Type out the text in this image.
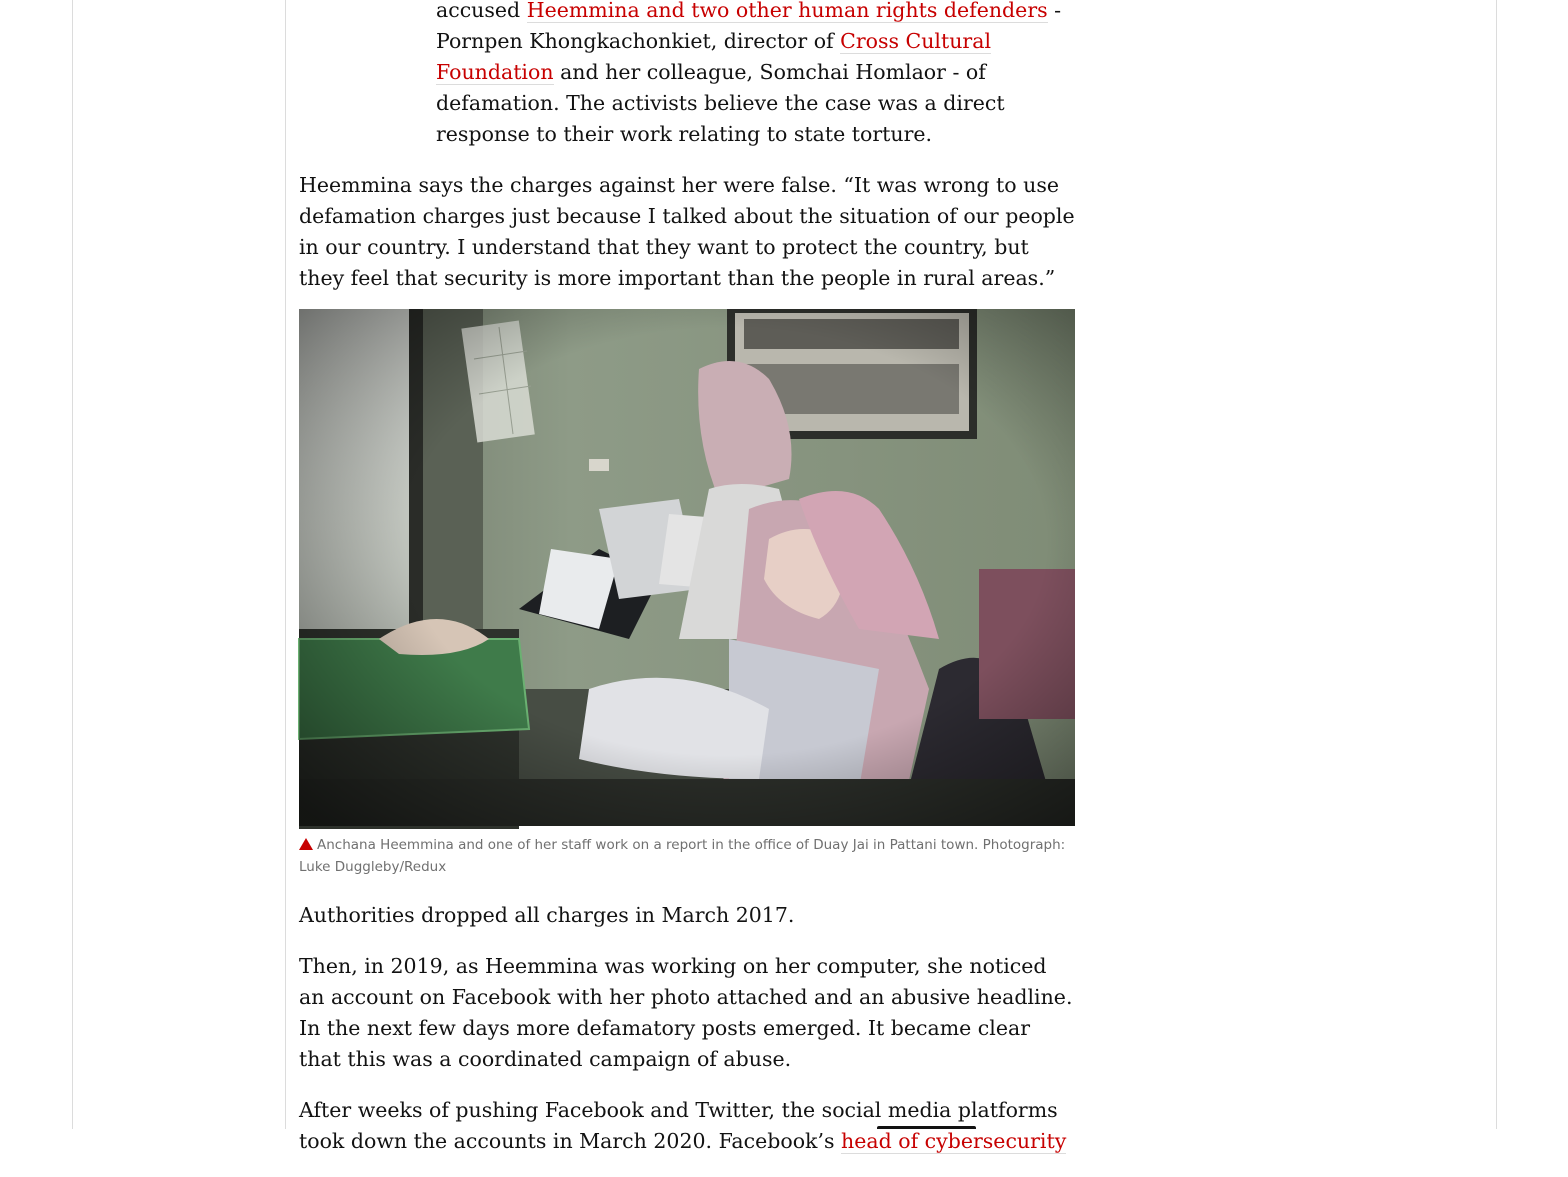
accused Heemmina and two other human rights defenders - Pornpen Khongkachonkiet, director of Cross Cultural Foundation and her colleague, Somchai Homlaor - of defamation. The activists believe the case was a direct response to their work relating to state torture.

Heemmina says the charges against her were false. “It was wrong to use defamation charges just because I talked about the situation of our people in our country. I understand that they want to protect the country, but they feel that security is more important than the people in rural areas.”

Anchana Heemmina and one of her staff work on a report in the office of Duay Jai in Pattani town. Photograph: Luke Duggleby/Redux

Authorities dropped all charges in March 2017.

Then, in 2019, as Heemmina was working on her computer, she noticed an account on Facebook with her photo attached and an abusive headline. In the next few days more defamatory posts emerged. It became clear that this was a coordinated campaign of abuse.

After weeks of pushing Facebook and Twitter, the social media platforms took down the accounts in March 2020. Facebook’s head of cybersecurity
